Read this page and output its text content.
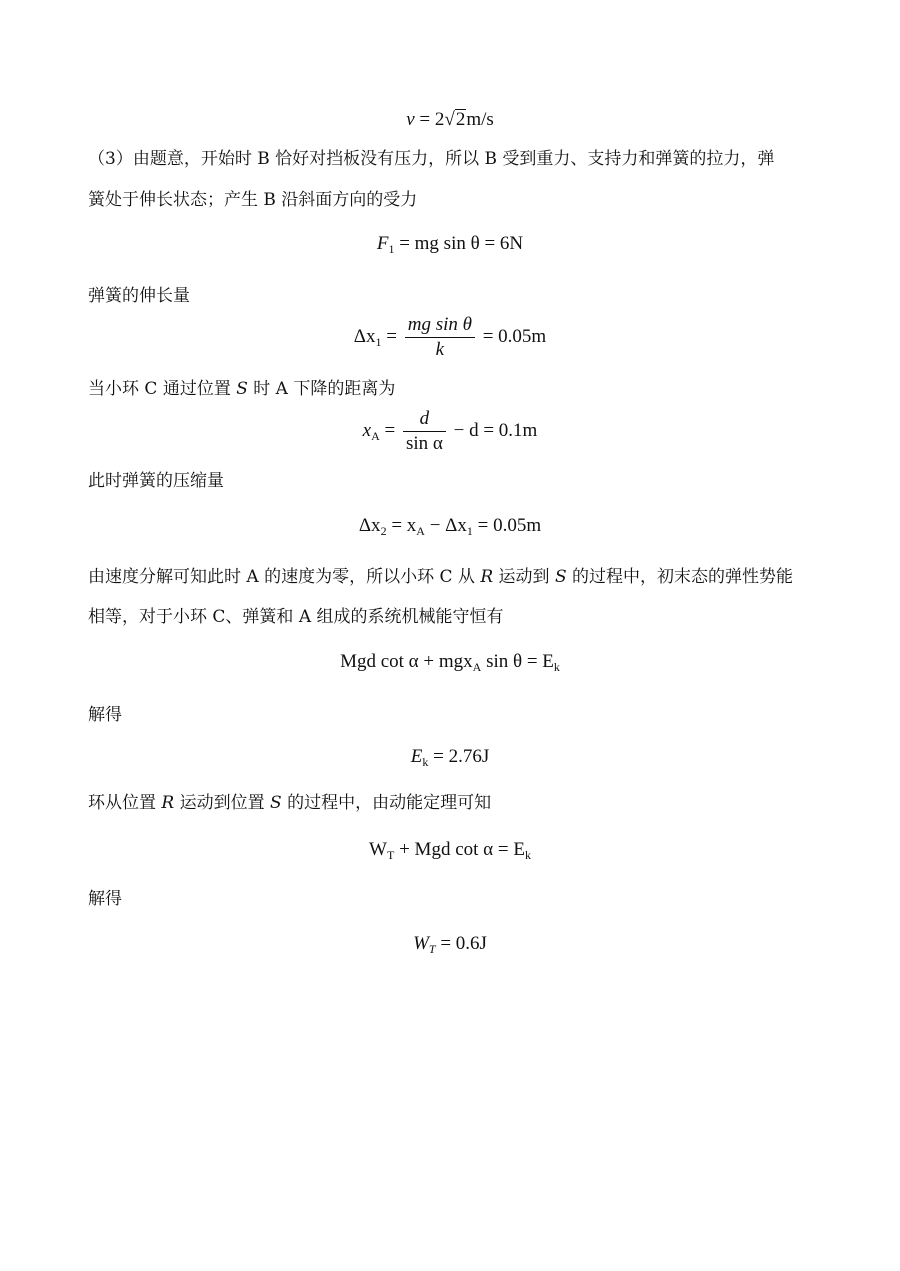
v = 2√2m/s
（3）由题意，开始时 B 恰好对挡板没有压力，所以 B 受到重力、支持力和弹簧的拉力，弹
簧处于伸长状态；产生 B 沿斜面方向的受力
$F_1$ = mg sin θ = 6N
弹簧的伸长量
$\Delta x_1 = \frac{\text{mg sin θ}}{k} = 0.05m$
当小环 C 通过位置 S 时 A 下降的距离为
$x_A = \frac{d}{\text{sin α}} - d = 0.1m$
此时弹簧的压缩量
$\Delta x_2 = x_A - \Delta x_1 = 0.05m$
由速度分解可知此时 A 的速度为零，所以小环 C 从 R 运动到 S 的过程中，初末态的弹性势能
相等，对于小环 C、弹簧和 A 组成的系统机械能守恒有
Mgd cot α + mgx$_A$ $\sin \theta = E_k$
解得
$E_k = 2.76J$
环从位置 R 运动到位置 S 的过程中，由动能定理可知
$W_T$ + Mgd $\cot \alpha = E_k$
解得
$W_T = 0.6J$
